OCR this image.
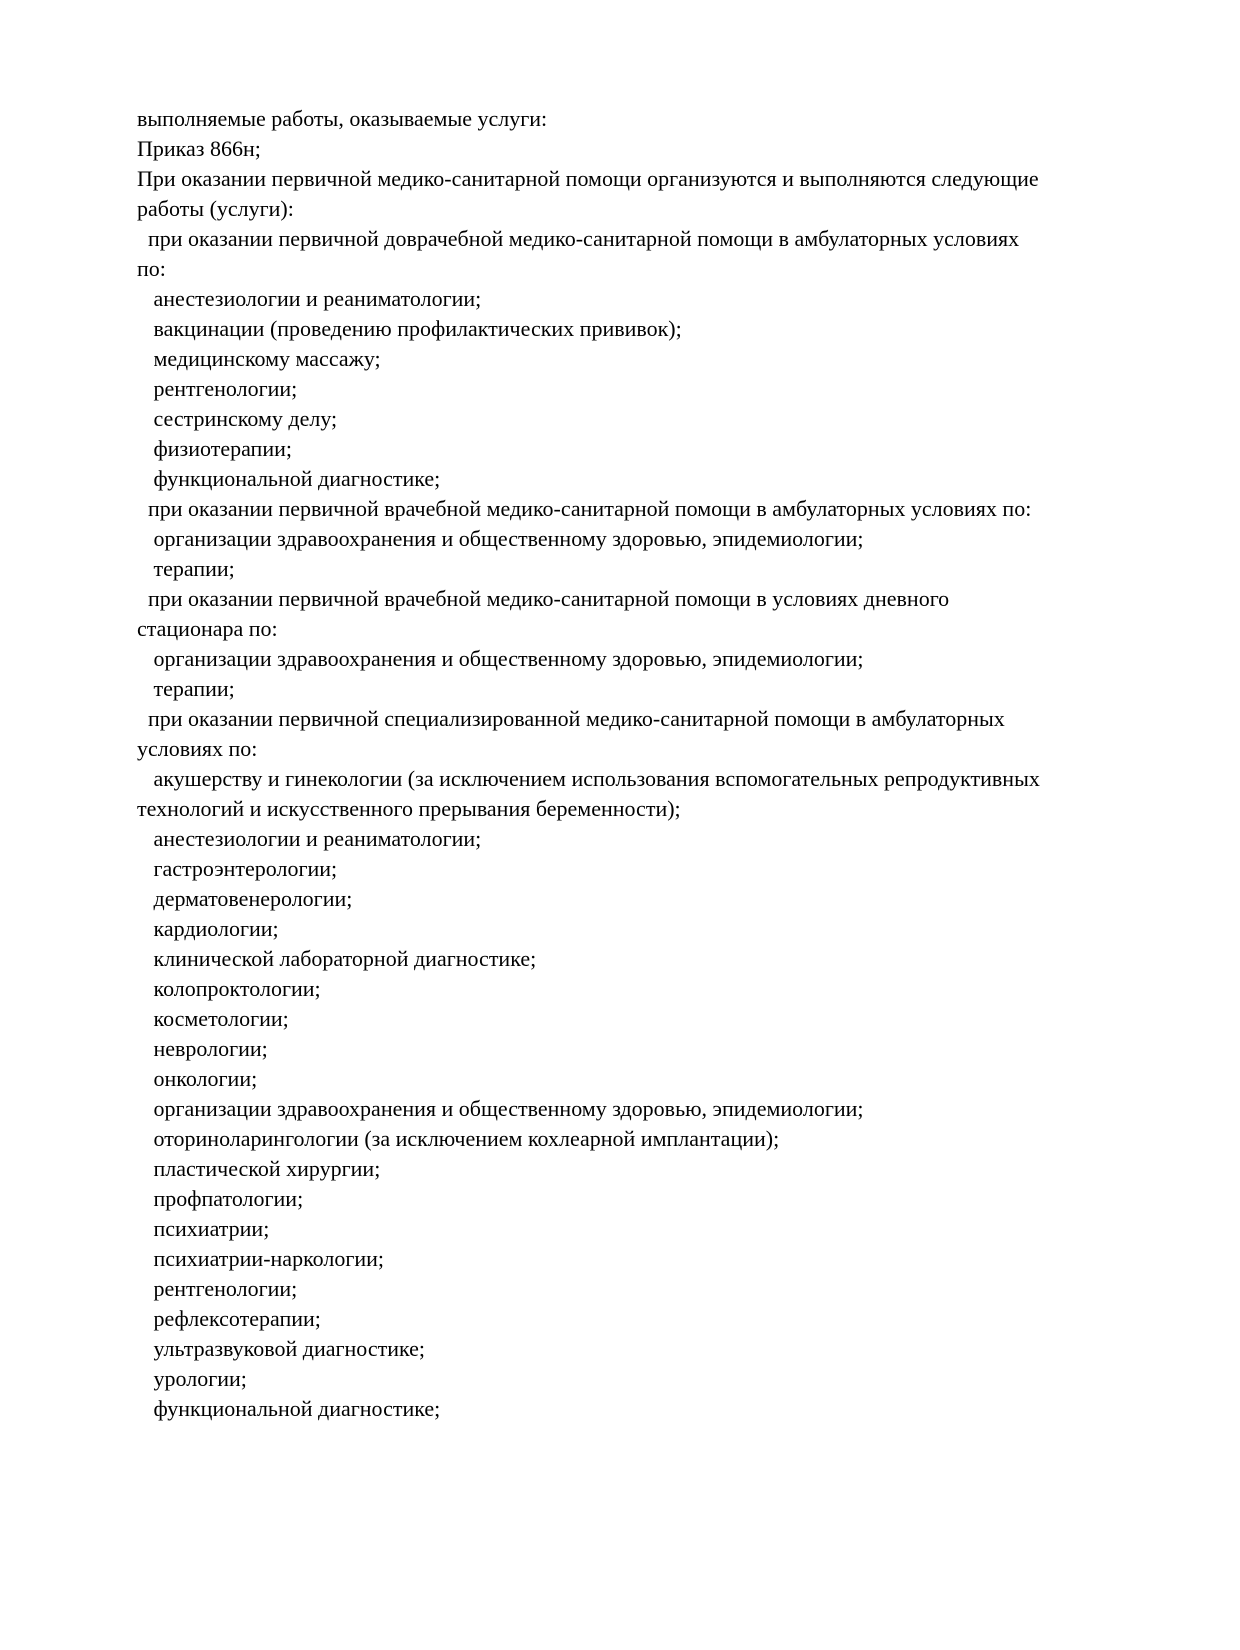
выполняемые работы, оказываемые услуги:
Приказ 866н;
При оказании первичной медико-санитарной помощи организуются и выполняются следующие
работы (услуги):
при оказании первичной доврачебной медико-санитарной помощи в амбулаторных условиях
по:
анестезиологии и реаниматологии;
вакцинации (проведению профилактических прививок);
медицинскому массажу;
рентгенологии;
сестринскому делу;
физиотерапии;
функциональной диагностике;
при оказании первичной врачебной медико-санитарной помощи в амбулаторных условиях по:
организации здравоохранения и общественному здоровью, эпидемиологии;
терапии;
при оказании первичной врачебной медико-санитарной помощи в условиях дневного
стационара по:
организации здравоохранения и общественному здоровью, эпидемиологии;
терапии;
при оказании первичной специализированной медико-санитарной помощи в амбулаторных
условиях по:
акушерству и гинекологии (за исключением использования вспомогательных репродуктивных
технологий и искусственного прерывания беременности);
анестезиологии и реаниматологии;
гастроэнтерологии;
дерматовенерологии;
кардиологии;
клинической лабораторной диагностике;
колопроктологии;
косметологии;
неврологии;
онкологии;
организации здравоохранения и общественному здоровью, эпидемиологии;
оториноларингологии (за исключением кохлеарной имплантации);
пластической хирургии;
профпатологии;
психиатрии;
психиатрии-наркологии;
рентгенологии;
рефлексотерапии;
ультразвуковой диагностике;
урологии;
функциональной диагностике;
